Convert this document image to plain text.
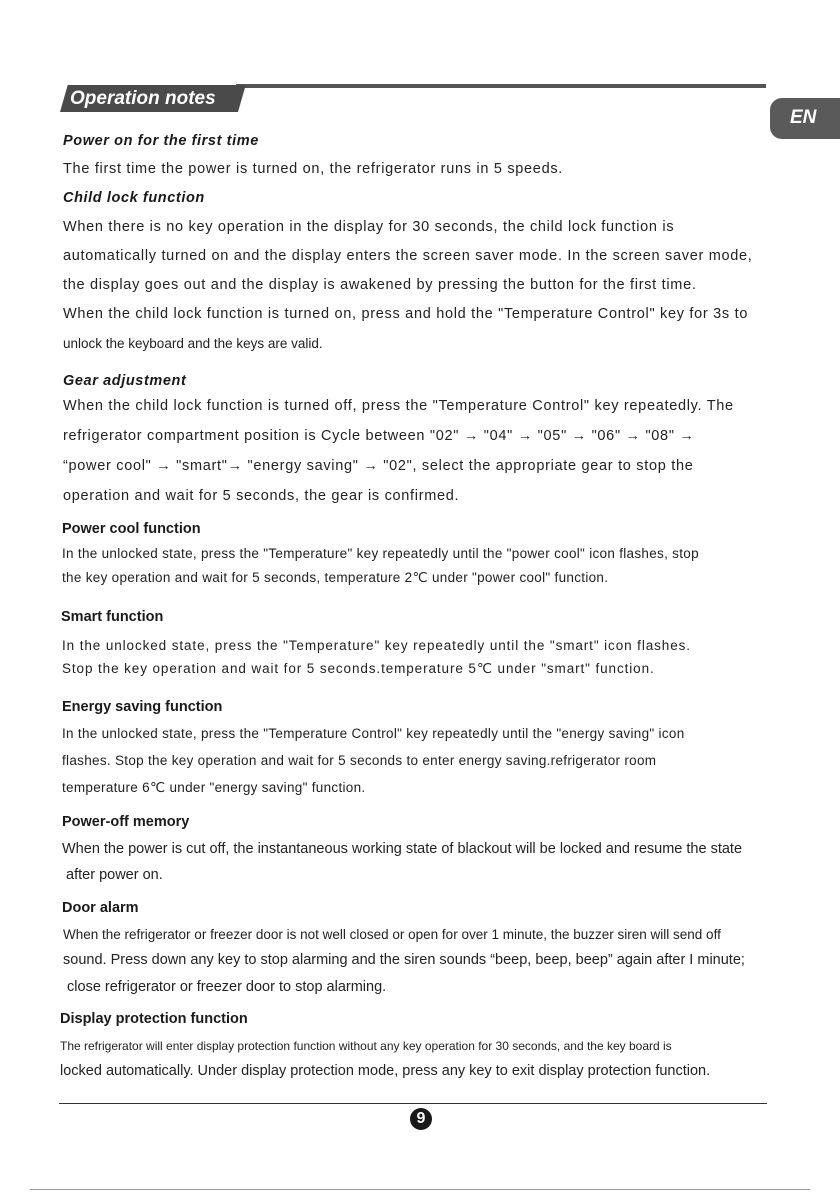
Operation notes
EN
Power on for the first time
The first time the power is turned on, the refrigerator runs in 5 speeds.
Child lock function
When there is no key operation in the display for 30 seconds, the child lock function is
automatically turned on and the display enters the screen saver mode. In the screen saver mode,
the display goes out and the display is awakened by pressing the button for the first time.
When the child lock function is turned on, press and hold the "Temperature Control" key for 3s to
unlock the keyboard and the keys are valid.
Gear adjustment
When the child lock function is turned off, press the "Temperature Control" key repeatedly. The
refrigerator compartment position is Cycle between "02" → "04" → "05" → "06" → "08" →
“power cool" → "smart"→ "energy saving" → "02", select the appropriate gear to stop the
operation and wait for 5 seconds, the gear is confirmed.
Power cool function
In the unlocked state, press the "Temperature" key repeatedly until the "power cool" icon flashes, stop
the key operation and wait for 5 seconds, temperature 2℃ under "power cool" function.
Smart function
In the unlocked state, press the "Temperature" key repeatedly until the "smart" icon flashes.
Stop the key operation and wait for 5 seconds.temperature 5℃ under "smart" function.
Energy saving function
In the unlocked state, press the "Temperature Control" key repeatedly until the "energy saving" icon
flashes. Stop the key operation and wait for 5 seconds to enter energy saving.refrigerator room
temperature 6℃ under "energy saving" function.
Power-off memory
When the power is cut off, the instantaneous working state of blackout will be locked and resume the state
after power on.
Door alarm
When the refrigerator or freezer door is not well closed or open for over 1 minute, the buzzer siren will send off
sound. Press down any key to stop alarming and the siren sounds “beep, beep, beep” again after I minute;
close refrigerator or freezer door to stop alarming.
Display protection function
The refrigerator will enter display protection function without any key operation for 30 seconds, and the key board is
locked automatically. Under display protection mode, press any key to exit display protection function.
9
